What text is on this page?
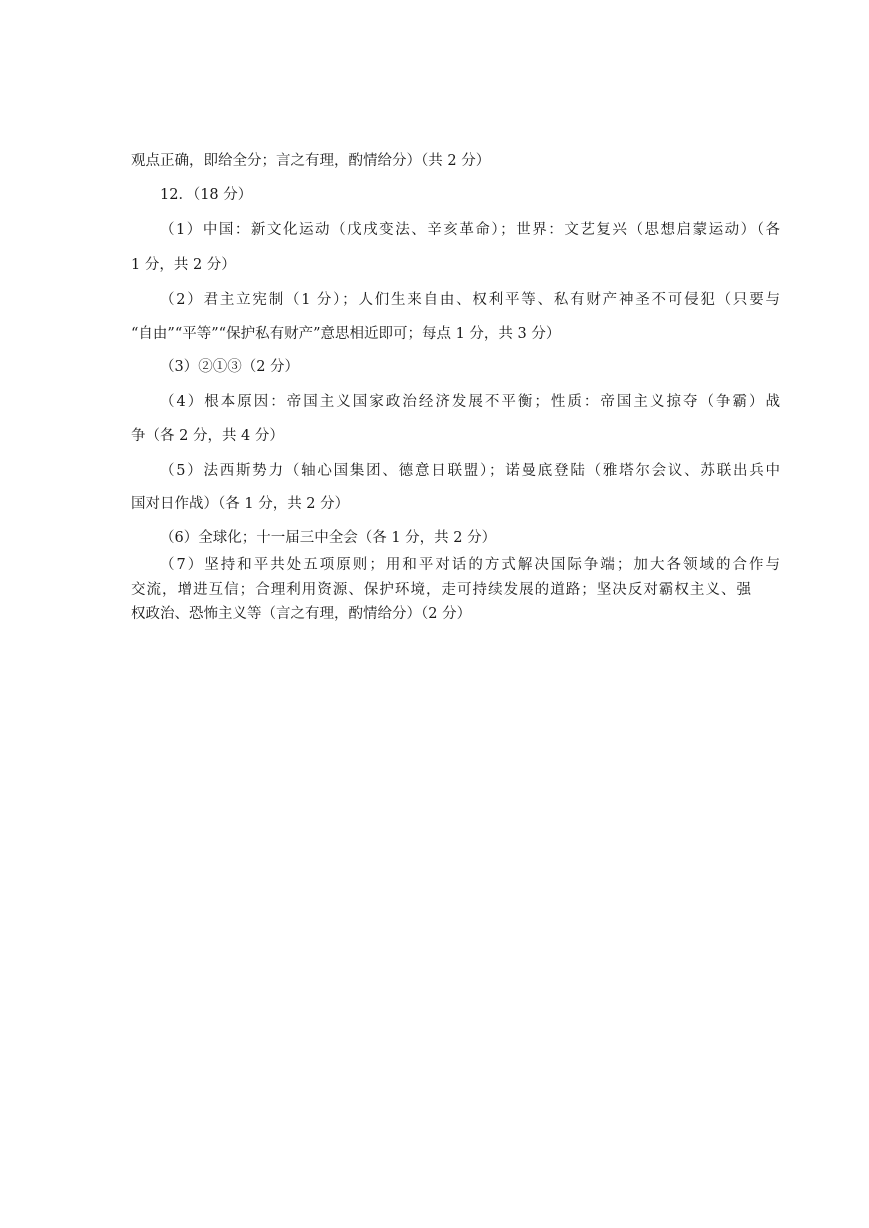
观点正确，即给全分；言之有理，酌情给分）（共 2 分）
12．（18 分）
（1）中国：新文化运动（戊戌变法、辛亥革命）；世界：文艺复兴（思想启蒙运动）（各
1 分，共 2 分）
（2）君主立宪制（1 分）；人们生来自由、权利平等、私有财产神圣不可侵犯（只要与
“自由”“平等”“保护私有财产”意思相近即可；每点 1 分，共 3 分）
（3）②①③（2 分）
（4）根本原因：帝国主义国家政治经济发展不平衡；性质：帝国主义掠夺（争霸）战
争（各 2 分，共 4 分）
（5）法西斯势力（轴心国集团、德意日联盟）；诺曼底登陆（雅塔尔会议、苏联出兵中
国对日作战）（各 1 分，共 2 分）
（6）全球化；十一届三中全会（各 1 分，共 2 分）
（7）坚持和平共处五项原则；用和平对话的方式解决国际争端；加大各领域的合作与
交流，增进互信；合理利用资源、保护环境，走可持续发展的道路；坚决反对霸权主义、强
权政治、恐怖主义等（言之有理，酌情给分）（2 分）
